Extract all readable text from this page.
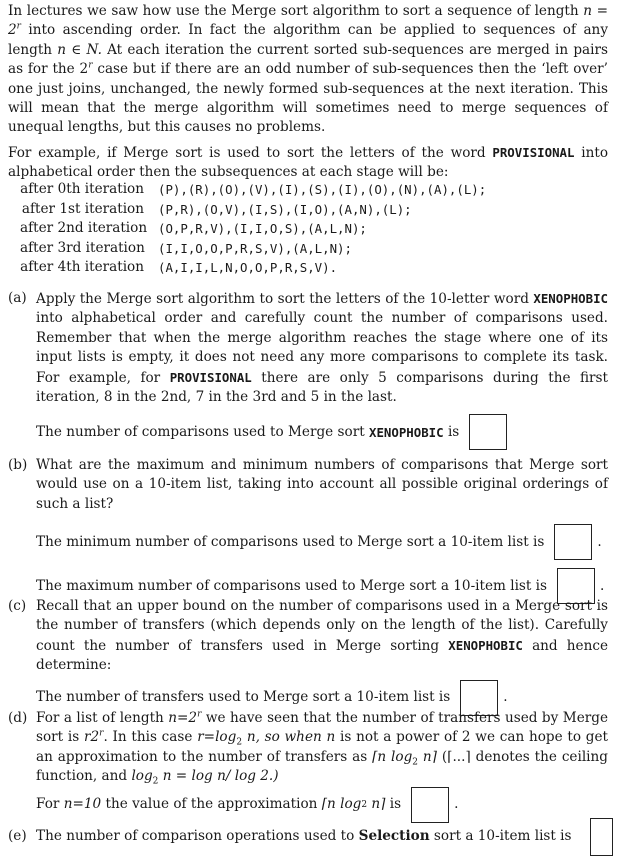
In lectures we saw how use the Merge sort algorithm to sort a sequence of length $n = 2^r$ into ascending order. In fact the algorithm can be applied to sequences of any length n ∈ N. At each iteration the current sorted sub-sequences are merged in pairs as for the 2$^r$ case but if there are an odd number of sub-sequences then the ‘left over’ one just joins, unchanged, the newly formed sub-sequences at the next iteration. This will mean that the merge algorithm will sometimes need to merge sequences of unequal lengths, but this causes no problems.
For example, if Merge sort is used to sort the letters of the word PROVISIONAL into alphabetical order then the subsequences at each stage will be:
after 0th iteration	(P),(R),(O),(V),(I),(S),(I),(O),(N),(A),(L);
after 1st iteration	(P,R),(O,V),(I,S),(I,O),(A,N),(L);
after 2nd iteration (O,P,R,V),(I,I,O,S),(A,L,N);
after 3rd iteration	(I,I,O,O,P,R,S,V),(A,L,N);
after 4th iteration	(A,I,I,L,N,O,O,P,R,S,V).
(a) Apply the Merge sort algorithm to sort the letters of the 10-letter word XENOPHOBIC into alphabetical order and carefully count the number of comparisons used. Remember that when the merge algorithm reaches the stage where one of its input lists is empty, it does not need any more comparisons to complete its task. For example, for PROVISIONAL there are only 5 comparisons during the first iteration, 8 in the 2nd, 7 in the 3rd and 5 in the last.
The number of comparisons used to Merge sort
XENOPHOBIC
is
(b) What are the maximum and minimum numbers of comparisons that Merge sort would use on a 10-item list, taking into account all possible original orderings of such a list?
The minimum number of comparisons used to Merge sort a 10-item list is	.
The maximum number of comparisons used to Merge sort a 10-item list is	.
(c) Recall that an upper bound on the number of comparisons used in a Merge sort is the number of transfers (which depends only on the length of the list). Carefully count the number of transfers used in Merge sorting XENOPHOBIC and hence determine:
The number of transfers used to Merge sort a 10-item list is	.
(d) For a list of length $n=2^r$ we have seen that the number of transfers used by Merge sort is r2$^r$. In this case $r=\log_2$ n, so when n is not a power of 2 we can hope to get an approximation to the number of transfers as ⌈n $\log_2$ n⌉ (⌈...⌉ denotes the ceiling function, and $\log_2 n = \log n/$ log 2.)
For
n=10
the value of the approximation
⌈n log 2
n⌉
is	.
(e) The number of comparison operations used to
Selection
sort a 10-item list is
